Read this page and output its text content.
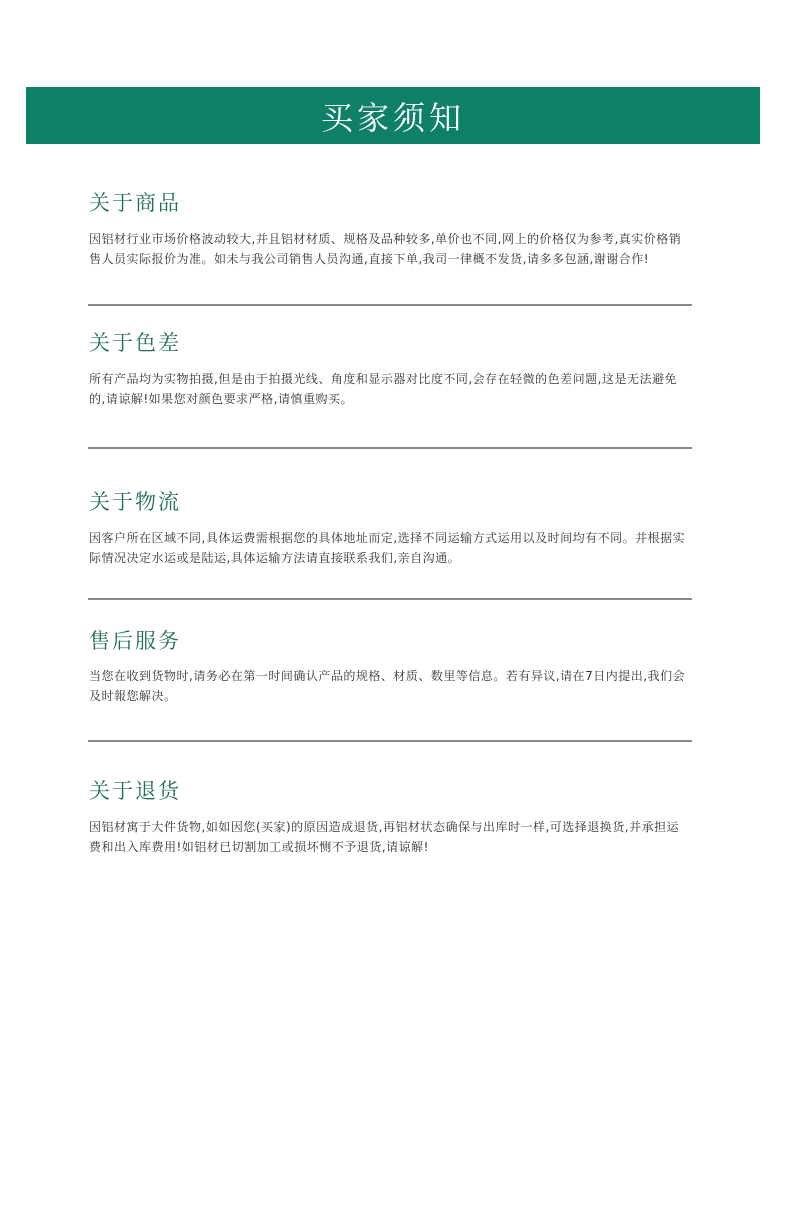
买家须知
关于商品
因铝材行业市场价格波动较大,并且铝材材质、规格及品种较多,单价也不同,网上的价格仅为参考,真实价格销售人员实际报价为准。如未与我公司销售人员沟通,直接下单,我司一律概不发货,请多多包涵,谢谢合作!
关于色差
所有产品均为实物拍摄,但是由于拍摄光线、角度和显示器对比度不同,会存在轻微的色差问题,这是无法避免的,请谅解!如果您对颜色要求严格,请慎重购买。
关于物流
因客户所在区域不同,具体运费需根据您的具体地址而定,选择不同运输方式运用以及时间均有不同。并根据实际情况决定水运或是陆运,具体运输方法请直接联系我们,亲自沟通。
售后服务
当您在收到货物时,请务必在第一时间确认产品的规格、材质、数里等信息。若有异议,请在7日内提出,我们会及时報您解决。
关于退货
因铝材寓于大件货物,如如因您(买家)的原因造成退货,再铝材状态确保与出库时一样,可选择退换货,并承担运费和出入库费用!如铝材已切割加工或损坏恻不予退货,请谅解!
